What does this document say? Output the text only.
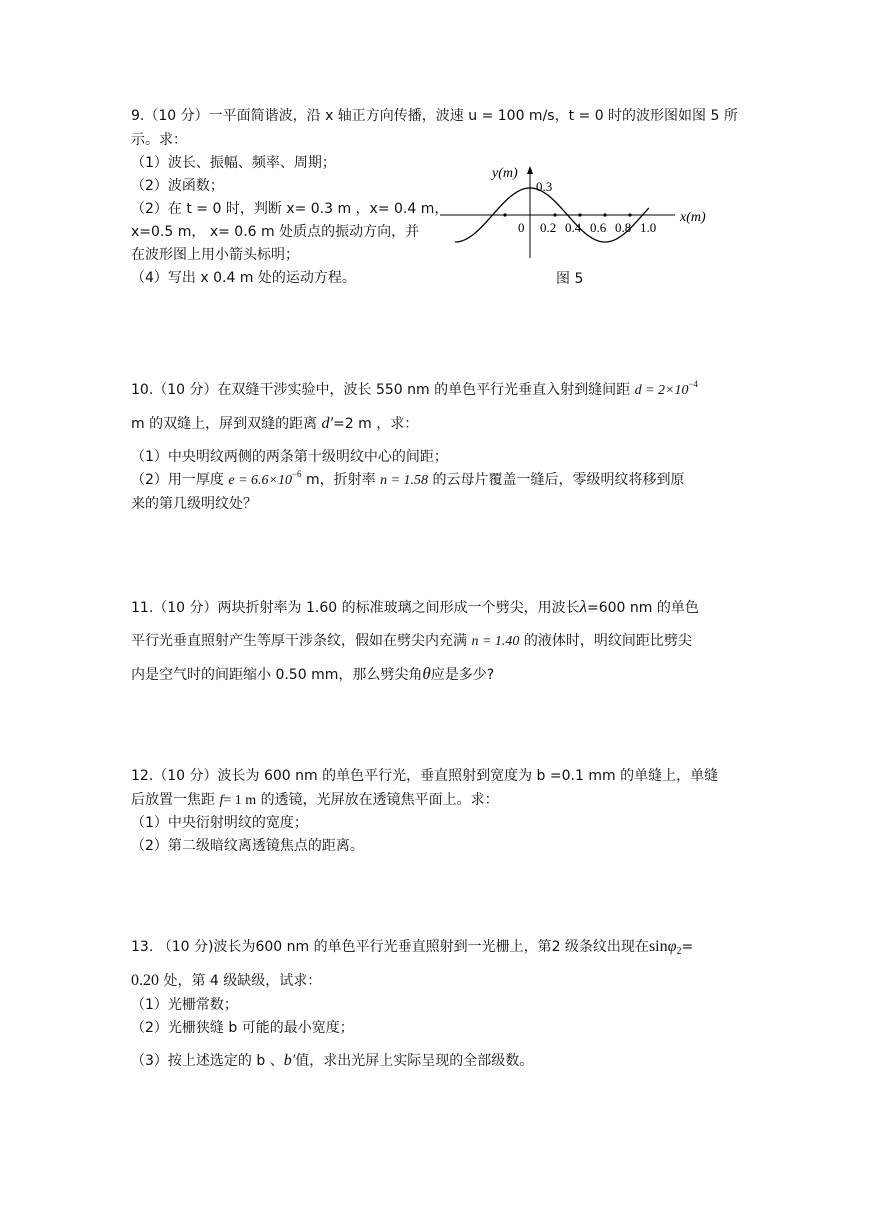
9.（10 分）一平面简谐波，沿 x 轴正方向传播，波速 u = 100 m/s，t = 0 时的波形图如图 5 所
示。求：
（1）波长、振幅、频率、周期；
（2）波函数；
（2）在 t = 0 时，判断 x= 0.3 m ，x= 0.4 m，
x=0.5 m， x= 0.6 m 处质点的振动方向，并
在波形图上用小箭头标明；
（4）写出 x 0.4 m 处的运动方程。
y(m)
x(m)
0.3
0 0.2 0.4 0.6 0.8 1.0
图 5
10.（10 分）在双缝干涉实验中，波长 550 nm 的单色平行光垂直入射到缝间距 $d = 2\times 10^{-4}$
m 的双缝上，屏到双缝的距离 d′=2 m ，求：
（1）中央明纹两侧的两条第十级明纹中心的间距；
（2）用一厚度 $e = 6.6\times 10^{-6}$ m，折射率 n = 1.58 的云母片覆盖一缝后，零级明纹将移到原
来的第几级明纹处？
11.（10 分）两块折射率为 1.60 的标准玻璃之间形成一个劈尖，用波长λ=600 nm 的单色
平行光垂直照射产生等厚干涉条纹，假如在劈尖内充满 n = 1.40 的液体时，明纹间距比劈尖
内是空气时的间距缩小 0.50 mm，那么劈尖角θ应是多少?
12.（10 分）波长为 600 nm 的单色平行光，垂直照射到宽度为 b =0.1 mm 的单缝上，单缝
后放置一焦距 f= 1 m 的透镜，光屏放在透镜焦平面上。求：
（1）中央衍射明纹的宽度；
（2）第二级暗纹离透镜焦点的距离。
13. （10 分)波长为600 nm 的单色平行光垂直照射到一光栅上，第2 级条纹出现在sinφ$_2$=
0.20 处，第 4 级缺级，试求：
（1）光栅常数；
（2）光栅狭缝 b 可能的最小宽度；
（3）按上述选定的 b 、b′值，求出光屏上实际呈现的全部级数。
